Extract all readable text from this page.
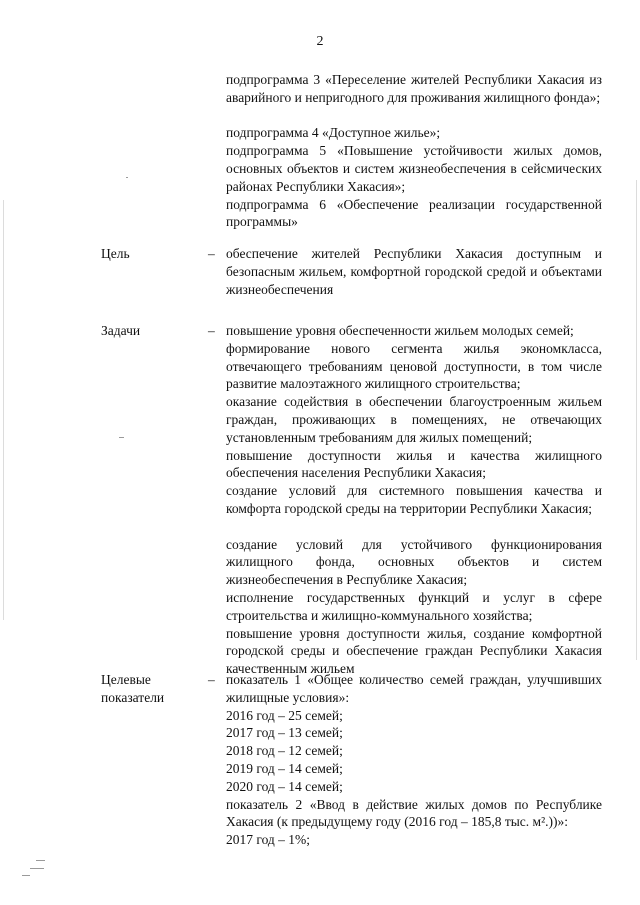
2

подпрограмма 3 «Переселение жителей Республики Хакасия из аварийного и непригодного для проживания жилищного фонда»;

подпрограмма 4 «Доступное жилье»;

подпрограмма 5 «Повышение устойчивости жилых домов, основных объектов и систем жизнеобеспечения в сейсмических районах Республики Хакасия»;

подпрограмма 6 «Обеспечение реализации государственной программы»

Цель	– обеспечение жителей Республики Хакасия доступным и безопасным жильем, комфортной городской средой и объектами жизнеобеспечения

Задачи	– повышение уровня обеспеченности жильем молодых семей;

формирование нового сегмента жилья экономкласса, отвечающего требованиям ценовой доступности, в том числе развитие малоэтажного жилищного строительства;

оказание содействия в обеспечении благоустроенным жильем граждан, проживающих в помещениях, не отвечающих установленным требованиям для жилых помещений;

повышение доступности жилья и качества жилищного обеспечения населения Республики Хакасия;

создание условий для системного повышения качества и комфорта городской среды на территории Республики Хакасия;

создание условий для устойчивого функционирования жилищного фонда, основных объектов и систем жизнеобеспечения в Республике Хакасия;

исполнение государственных функций и услуг в сфере строительства и жилищно-коммунального хозяйства;

повышение уровня доступности жилья, создание комфортной городской среды и обеспечение граждан Республики Хакасия качественным жильем

Целевые
показатели
– показатель 1 «Общее количество семей граждан, улучшивших жилищные условия»:

2016 год – 25 семей;

2017 год – 13 семей;

2018 год – 12 семей;

2019 год – 14 семей;

2020 год – 14 семей;

показатель 2 «Ввод в действие жилых домов по Республике Хакасия (к предыдущему году (2016 год – 185,8 тыс. м².))»:

2017 год – 1%;
